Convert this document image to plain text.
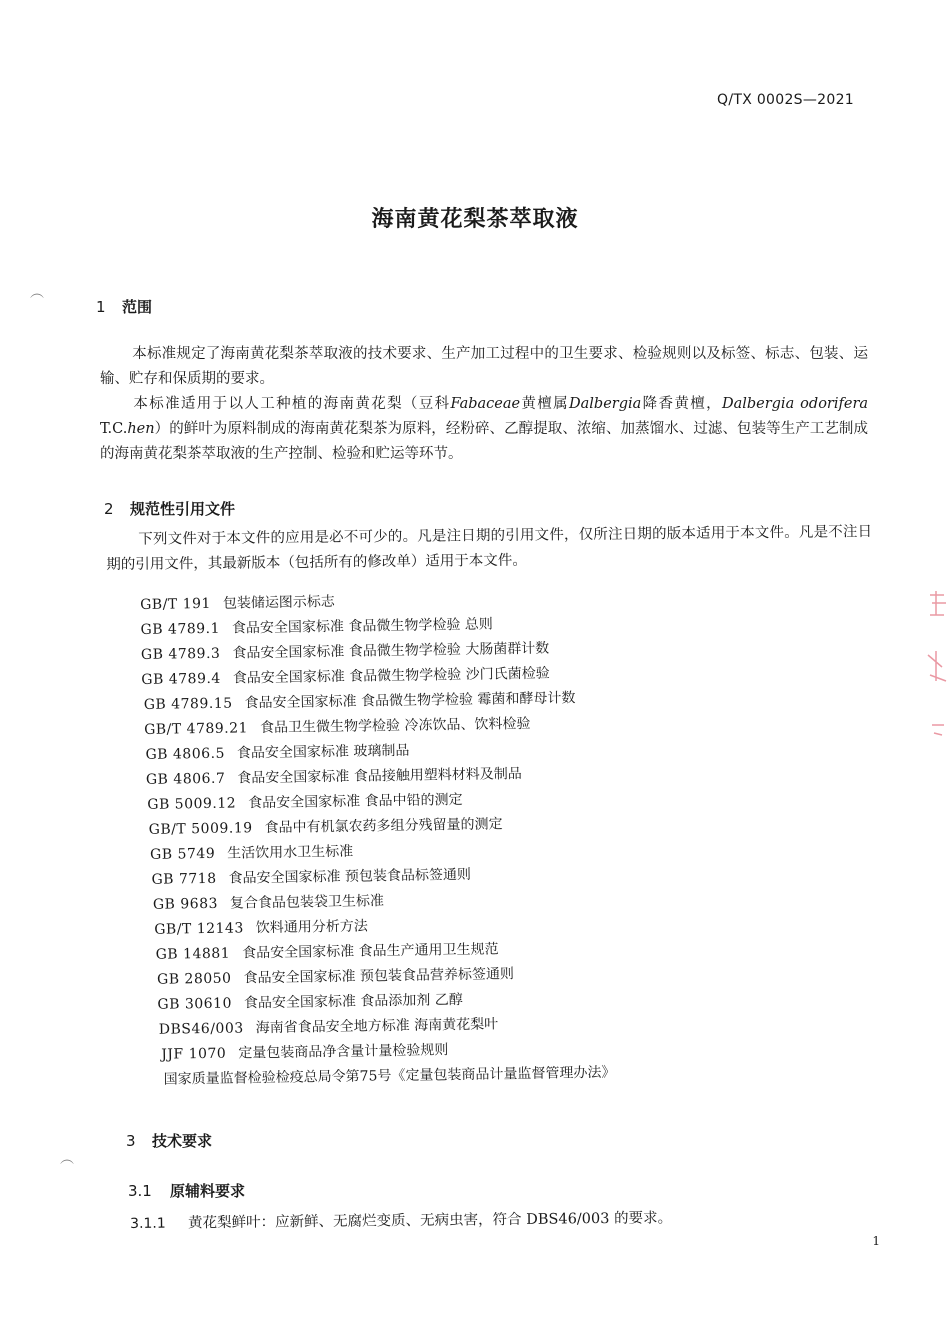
Q/TX 0002S—2021
海南黄花梨茶萃取液
︵
︵
1 范围
本标准规定了海南黄花梨茶萃取液的技术要求、生产加工过程中的卫生要求、检验规则以及标签、标志、包装、运输、贮存和保质期的要求。
本标准适用于以人工种植的海南黄花梨（豆科Fabaceae黄檀属Dalbergia降香黄檀，Dalbergia odorifera T.C.hen）的鲜叶为原料制成的海南黄花梨茶为原料，经粉碎、乙醇提取、浓缩、加蒸馏水、过滤、包装等生产工艺制成的海南黄花梨茶萃取液的生产控制、检验和贮运等环节。
2 规范性引用文件
下列文件对于本文件的应用是必不可少的。凡是注日期的引用文件，仅所注日期的版本适用于本文件。凡是不注日期的引用文件，其最新版本（包括所有的修改单）适用于本文件。
GB/T 191 包装储运图示标志
GB 4789.1 食品安全国家标准 食品微生物学检验 总则
GB 4789.3 食品安全国家标准 食品微生物学检验 大肠菌群计数
GB 4789.4 食品安全国家标准 食品微生物学检验 沙门氏菌检验
GB 4789.15 食品安全国家标准 食品微生物学检验 霉菌和酵母计数
GB/T 4789.21 食品卫生微生物学检验 冷冻饮品、饮料检验
GB 4806.5 食品安全国家标准 玻璃制品
GB 4806.7 食品安全国家标准 食品接触用塑料材料及制品
GB 5009.12 食品安全国家标准 食品中铅的测定
GB/T 5009.19 食品中有机氯农药多组分残留量的测定
GB 5749 生活饮用水卫生标准
GB 7718 食品安全国家标准 预包装食品标签通则
GB 9683 复合食品包装袋卫生标准
GB/T 12143 饮料通用分析方法
GB 14881 食品安全国家标准 食品生产通用卫生规范
GB 28050 食品安全国家标准 预包装食品营养标签通则
GB 30610 食品安全国家标准 食品添加剂 乙醇
DBS46/003 海南省食品安全地方标准 海南黄花梨叶
JJF 1070 定量包装商品净含量计量检验规则
国家质量监督检验检疫总局令第75号《定量包装商品计量监督管理办法》
3 技术要求
3.1 原辅料要求
3.1.1 黄花梨鲜叶：应新鲜、无腐烂变质、无病虫害，符合 DBS46/003 的要求。
1
